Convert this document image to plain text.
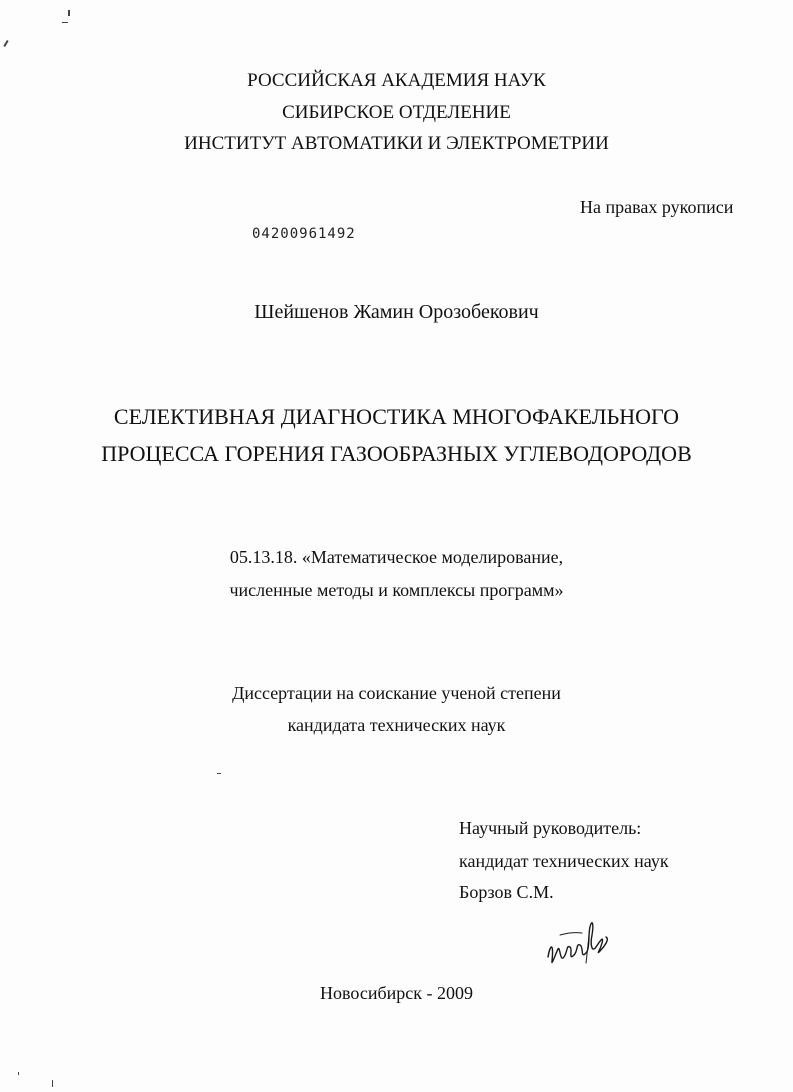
РОССИЙСКАЯ АКАДЕМИЯ НАУК
СИБИРСКОЕ ОТДЕЛЕНИЕ
ИНСТИТУТ АВТОМАТИКИ И ЭЛЕКТРОМЕТРИИ
На правах рукописи
04200961492
Шейшенов Жамин Орозобекович
СЕЛЕКТИВНАЯ ДИАГНОСТИКА МНОГОФАКЕЛЬНОГО
ПРОЦЕССА ГОРЕНИЯ ГАЗООБРАЗНЫХ УГЛЕВОДОРОДОВ
05.13.18. «Математическое моделирование,
численные методы и комплексы программ»
Диссертации на соискание ученой степени
кандидата технических наук
Научный руководитель:
кандидат технических наук
Борзов С.М.
Новосибирск - 2009
